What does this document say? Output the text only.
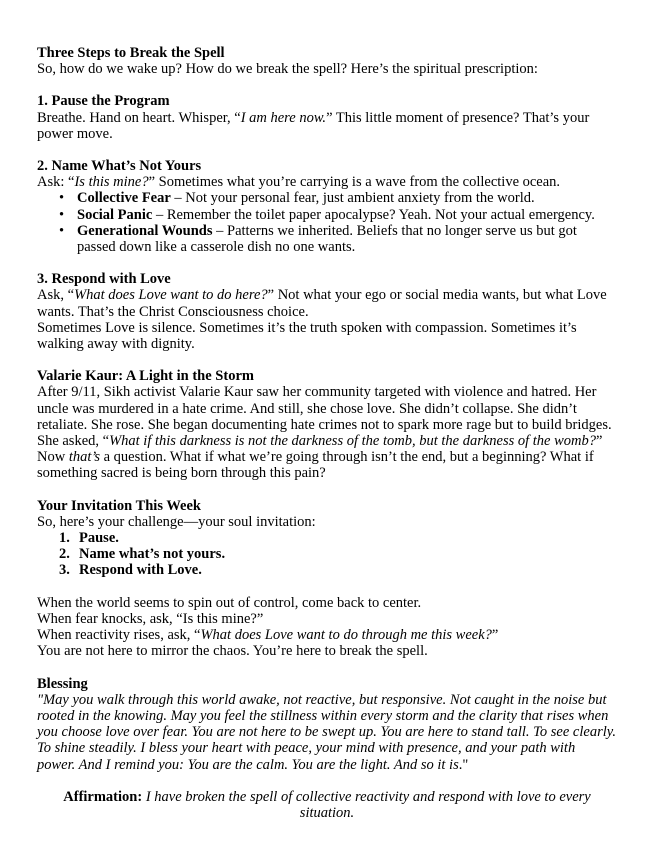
Three Steps to Break the Spell

So, how do we wake up? How do we break the spell? Here’s the spiritual prescription:

1. Pause the Program

Breathe. Hand on heart. Whisper, “I am here now.” This little moment of presence? That’s your power move.

2. Name What’s Not Yours

Ask: “Is this mine?” Sometimes what you’re carrying is a wave from the collective ocean.

• Collective Fear – Not your personal fear, just ambient anxiety from the world.
• Social Panic – Remember the toilet paper apocalypse? Yeah. Not your actual emergency.
• Generational Wounds – Patterns we inherited. Beliefs that no longer serve us but got passed down like a casserole dish no one wants.

3. Respond with Love

Ask, “What does Love want to do here?” Not what your ego or social media wants, but what Love wants. That’s the Christ Consciousness choice.

Sometimes Love is silence. Sometimes it’s the truth spoken with compassion. Sometimes it’s walking away with dignity.

Valarie Kaur: A Light in the Storm

After 9/11, Sikh activist Valarie Kaur saw her community targeted with violence and hatred. Her uncle was murdered in a hate crime. And still, she chose love. She didn’t collapse. She didn’t retaliate. She rose. She began documenting hate crimes not to spark more rage but to build bridges.

She asked, “What if this darkness is not the darkness of the tomb, but the darkness of the womb?”

Now that’s a question. What if what we’re going through isn’t the end, but a beginning? What if something sacred is being born through this pain?

Your Invitation This Week

So, here’s your challenge—your soul invitation:

1. Pause.
2. Name what’s not yours.
3. Respond with Love.

When the world seems to spin out of control, come back to center.

When fear knocks, ask, “Is this mine?”

When reactivity rises, ask, “What does Love want to do through me this week?”

You are not here to mirror the chaos. You’re here to break the spell.

Blessing

"May you walk through this world awake, not reactive, but responsive. Not caught in the noise but rooted in the knowing. May you feel the stillness within every storm and the clarity that rises when you choose love over fear. You are not here to be swept up. You are here to stand tall. To see clearly. To shine steadily. I bless your heart with peace, your mind with presence, and your path with power. And I remind you: You are the calm. You are the light. And so it is."

Affirmation: I have broken the spell of collective reactivity and respond with love to every situation.
